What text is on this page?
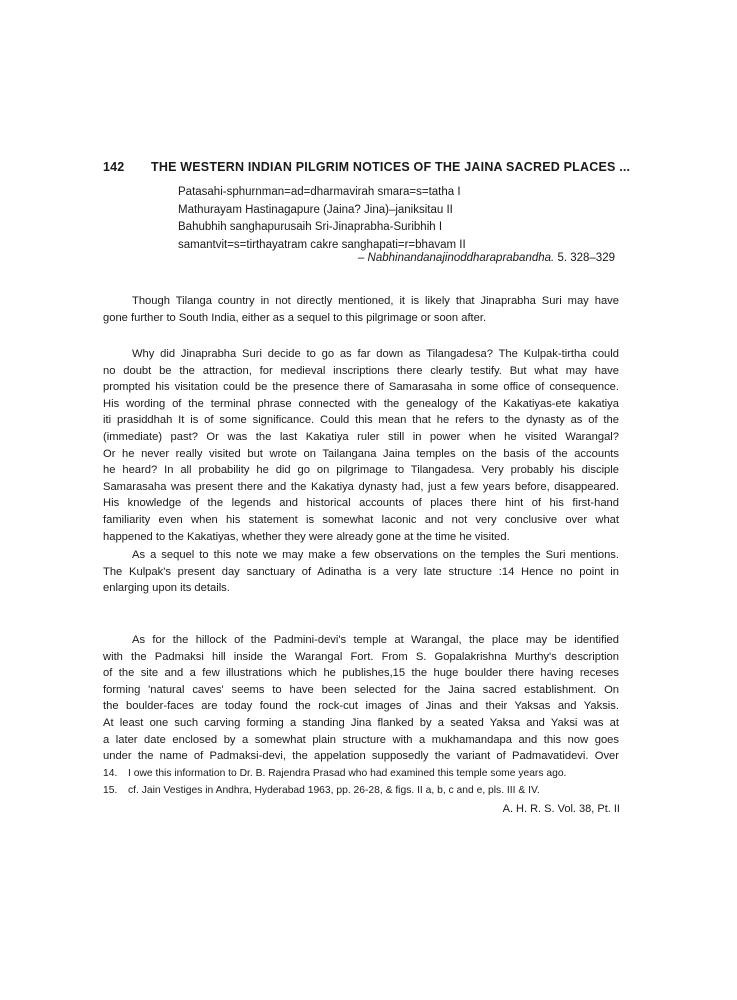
142 THE WESTERN INDIAN PILGRIM NOTICES OF THE JAINA SACRED PLACES ...
Patasahi-sphurnman=ad=dharmavirah smara=s=tatha I
Mathurayam Hastinagapure (Jaina? Jina)–janiksitau II
Bahubhih sanghapurusaih Sri-Jinaprabha-Suribhih I
samantvit=s=tirthayatram cakre sanghapati=r=bhavam II
– Nabhinandanajinoddharaprabandha. 5. 328–329
Though Tilanga country in not directly mentioned, it is likely that Jinaprabha Suri may have
gone further to South India, either as a sequel to this pilgrimage or soon after.
Why did Jinaprabha Suri decide to go as far down as Tilangadesa? The Kulpak-tirtha could
no doubt be the attraction, for medieval inscriptions there clearly testify. But what may have
prompted his visitation could be the presence there of Samarasaha in some office of consequence.
His wording of the terminal phrase connected with the genealogy of the Kakatiyas-ete kakatiya
iti prasiddhah It is of some significance. Could this mean that he refers to the dynasty as of the
(immediate) past? Or was the last Kakatiya ruler still in power when he visited Warangal?
Or he never really visited but wrote on Tailangana Jaina temples on the basis of the accounts
he heard? In all probability he did go on pilgrimage to Tilangadesa. Very probably his disciple
Samarasaha was present there and the Kakatiya dynasty had, just a few years before, disappeared.
His knowledge of the legends and historical accounts of places there hint of his first-hand
familiarity even when his statement is somewhat laconic and not very conclusive over what
happened to the Kakatiyas, whether they were already gone at the time he visited.
As a sequel to this note we may make a few observations on the temples the Suri mentions.
The Kulpak's present day sanctuary of Adinatha is a very late structure :14 Hence no point in
enlarging upon its details.
As for the hillock of the Padmini-devi's temple at Warangal, the place may be identified
with the Padmaksi hill inside the Warangal Fort. From S. Gopalakrishna Murthy's description
of the site and a few illustrations which he publishes,15 the huge boulder there having receses
forming 'natural caves' seems to have been selected for the Jaina sacred establishment. On
the boulder-faces are today found the rock-cut images of Jinas and their Yaksas and Yaksis.
At least one such carving forming a standing Jina flanked by a seated Yaksa and Yaksi was at
a later date enclosed by a somewhat plain structure with a mukhamandapa and this now goes
under the name of Padmaksi-devi, the appelation supposedly the variant of Padmavatidevi. Over
14. I owe this information to Dr. B. Rajendra Prasad who had examined this temple some years ago.
15. cf. Jain Vestiges in Andhra, Hyderabad 1963, pp. 26-28, & figs. II a, b, c and e, pls. III & IV.
A. H. R. S. Vol. 38, Pt. II
